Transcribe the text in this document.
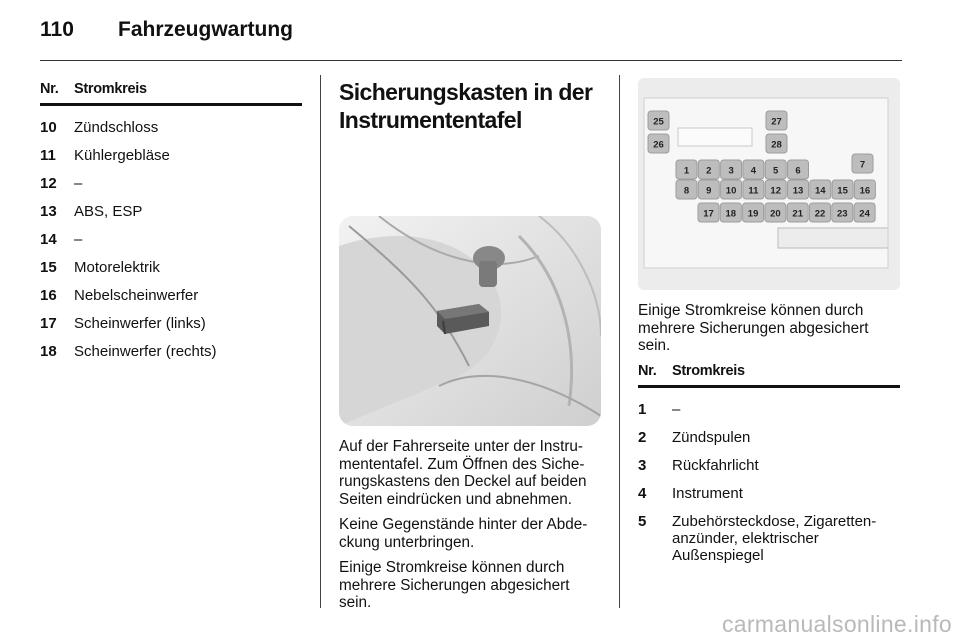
110 Fahrzeugwartung
Nr.	Stromkreis
10	Zündschloss
11	Kühlergebläse
12	–
13	ABS, ESP
14	–
15	Motorelektrik
16	Nebelscheinwerfer
17	Scheinwerfer (links)
18	Scheinwerfer (rechts)
Sicherungskasten in der
Instrumententafel

Auf der Fahrerseite unter der Instrumententafel. Zum Öffnen des Sicherungskastens den Deckel auf beiden Seiten eindrücken und abnehmen.

Keine Gegenstände hinter der Abdeckung unterbringen.

Einige Stromkreise können durch mehrere Sicherungen abgesichert sein.

25
26
27
28
1 2 3 4 5 6
7
8 9 10 11 12 13 14 15 16
17 18 19 20 21 22 23 24

Einige Stromkreise können durch mehrere Sicherungen abgesichert sein.

Nr.	Stromkreis
1	–
2	Zündspulen
3	Rückfahrlicht
4	Instrument
5	Zubehörsteckdose, Zigarettenanzünder, elektrischer Außenspiegel
carmanualsonline.info
